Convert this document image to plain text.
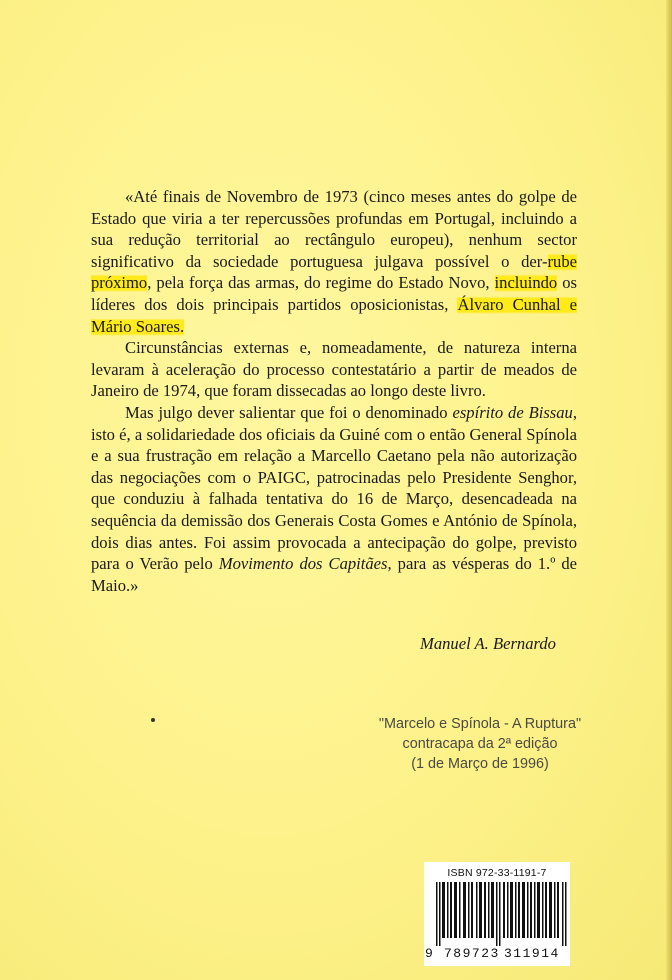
«Até finais de Novembro de 1973 (cinco meses antes do golpe de Estado que viria a ter repercussões profundas em Portugal, incluindo a sua redução territorial ao rectângulo europeu), nenhum sector significativo da sociedade portuguesa julgava possível o der-rube próximo, pela força das armas, do regime do Estado Novo, incluindo os líderes dos dois principais partidos oposicionistas, Álvaro Cunhal e Mário Soares.

Circunstâncias externas e, nomeadamente, de natureza interna levaram à aceleração do processo contestatário a partir de meados de Janeiro de 1974, que foram dissecadas ao longo deste livro.

Mas julgo dever salientar que foi o denominado espírito de Bissau, isto é, a solidariedade dos oficiais da Guiné com o então General Spínola e a sua frustração em relação a Marcello Caetano pela não autorização das negociações com o PAIGC, patrocinadas pelo Presidente Senghor, que conduziu à falhada tentativa do 16 de Março, desencadeada na sequência da demissão dos Generais Costa Gomes e António de Spínola, dois dias antes. Foi assim provocada a antecipação do golpe, previsto para o Verão pelo Movimento dos Capitães, para as vésperas do 1.º de Maio.»

Manuel A. Bernardo
"Marcelo e Spínola - A Ruptura"
contracapa da 2ª edição
(1 de Março de 1996)
ISBN 972-33-1191-7
9 789723 311914
